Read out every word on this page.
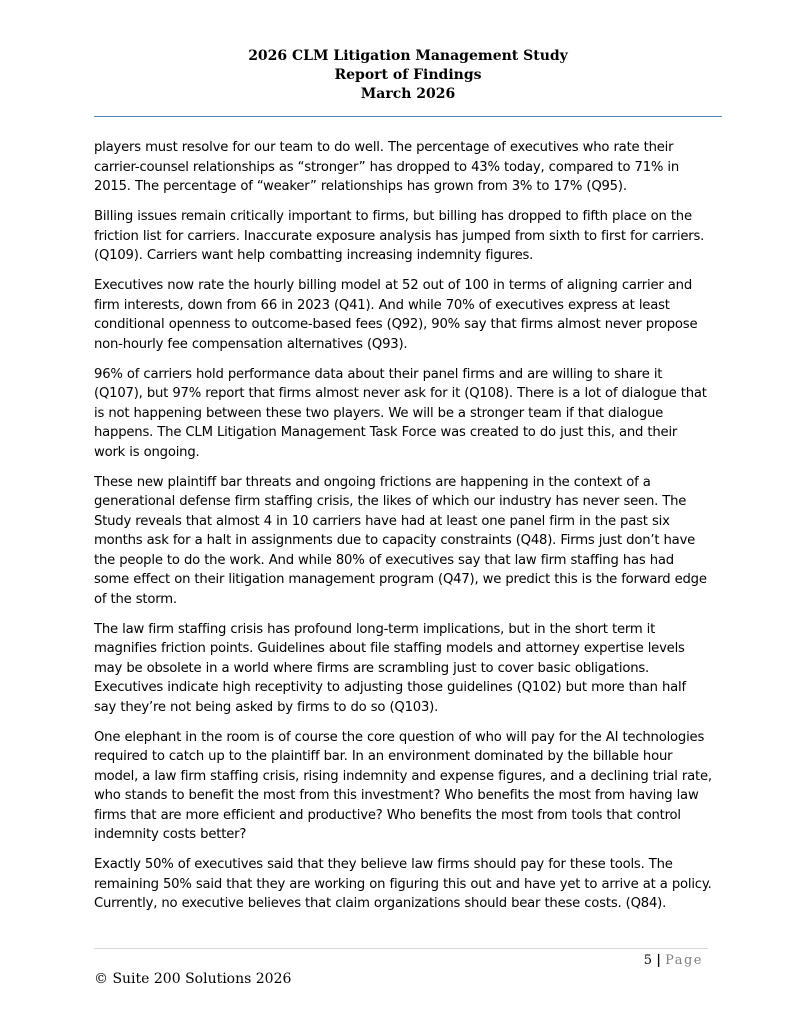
2026 CLM Litigation Management Study
Report of Findings
March 2026

players must resolve for our team to do well. The percentage of executives who rate their carrier-counsel relationships as “stronger” has dropped to 43% today, compared to 71% in 2015. The percentage of “weaker” relationships has grown from 3% to 17% (Q95).

Billing issues remain critically important to firms, but billing has dropped to fifth place on the friction list for carriers. Inaccurate exposure analysis has jumped from sixth to first for carriers. (Q109). Carriers want help combatting increasing indemnity figures.

Executives now rate the hourly billing model at 52 out of 100 in terms of aligning carrier and firm interests, down from 66 in 2023 (Q41). And while 70% of executives express at least conditional openness to outcome-based fees (Q92), 90% say that firms almost never propose non-hourly fee compensation alternatives (Q93).

96% of carriers hold performance data about their panel firms and are willing to share it (Q107), but 97% report that firms almost never ask for it (Q108). There is a lot of dialogue that is not happening between these two players. We will be a stronger team if that dialogue happens. The CLM Litigation Management Task Force was created to do just this, and their work is ongoing.

These new plaintiff bar threats and ongoing frictions are happening in the context of a generational defense firm staffing crisis, the likes of which our industry has never seen. The Study reveals that almost 4 in 10 carriers have had at least one panel firm in the past six months ask for a halt in assignments due to capacity constraints (Q48). Firms just don’t have the people to do the work. And while 80% of executives say that law firm staffing has had some effect on their litigation management program (Q47), we predict this is the forward edge of the storm.

The law firm staffing crisis has profound long-term implications, but in the short term it magnifies friction points. Guidelines about file staffing models and attorney expertise levels may be obsolete in a world where firms are scrambling just to cover basic obligations. Executives indicate high receptivity to adjusting those guidelines (Q102) but more than half say they’re not being asked by firms to do so (Q103).

One elephant in the room is of course the core question of who will pay for the AI technologies required to catch up to the plaintiff bar. In an environment dominated by the billable hour model, a law firm staffing crisis, rising indemnity and expense figures, and a declining trial rate, who stands to benefit the most from this investment? Who benefits the most from having law firms that are more efficient and productive? Who benefits the most from tools that control indemnity costs better?

Exactly 50% of executives said that they believe law firms should pay for these tools. The remaining 50% said that they are working on figuring this out and have yet to arrive at a policy. Currently, no executive believes that claim organizations should bear these costs. (Q84).

5 | Page
© Suite 200 Solutions 2026
